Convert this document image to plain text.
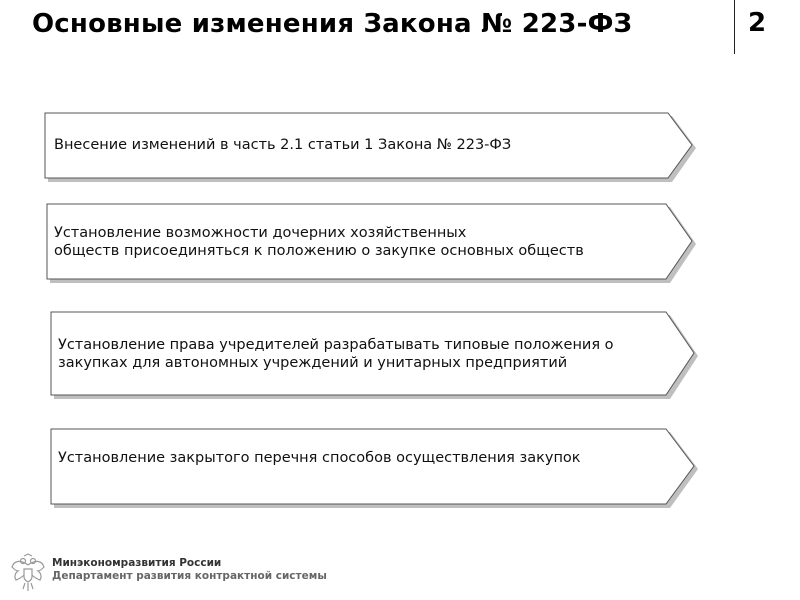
Основные изменения Закона № 223-ФЗ	2
Внесение изменений в часть 2.1 статьи 1 Закона № 223-ФЗ
Установление возможности дочерних хозяйственных
обществ присоединяться к положению о закупке основных обществ
Установление права учредителей разрабатывать типовые положения о
закупках для автономных учреждений и унитарных предприятий
Установление закрытого перечня способов осуществления закупок
Минэкономразвития России
Департамент развития контрактной системы
